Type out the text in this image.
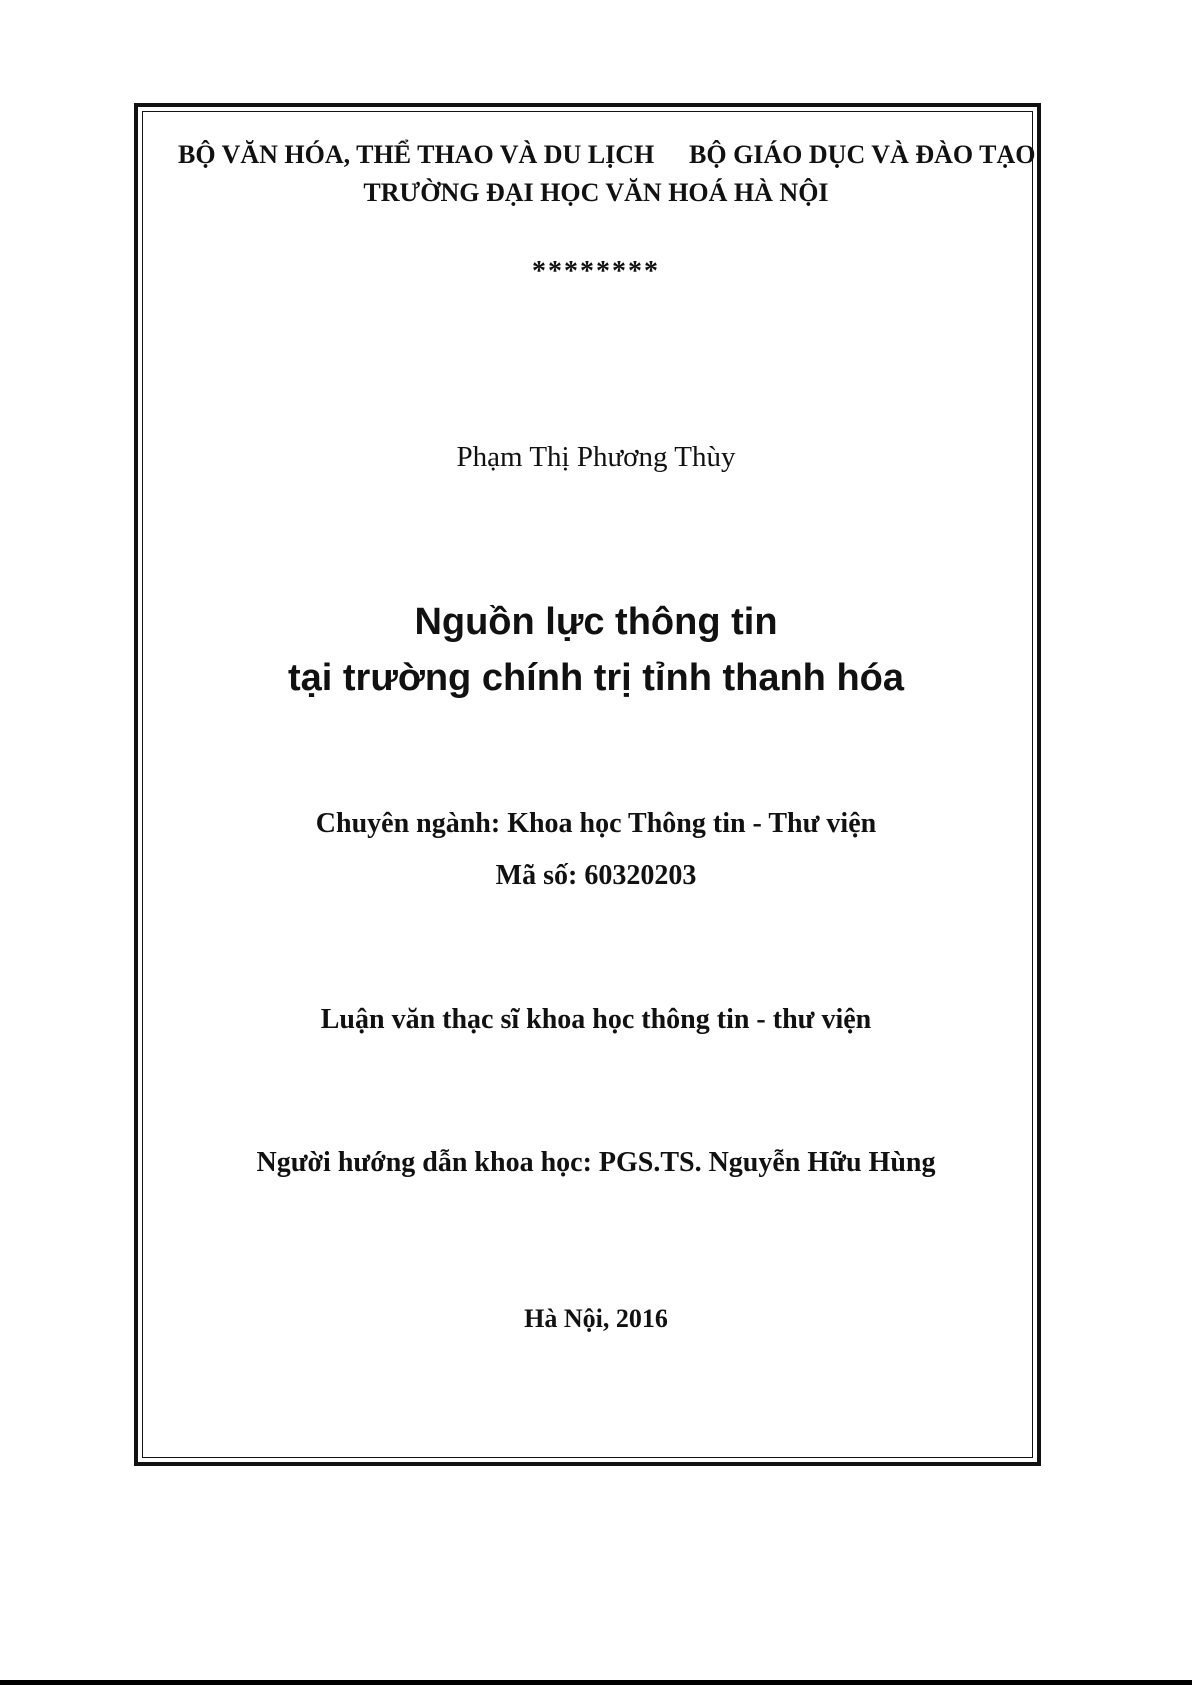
BỘ VĂN HÓA, THỂ THAO VÀ DU LỊCH BỘ GIÁO DỤC VÀ ĐÀO TẠO
TRƯỜNG ĐẠI HỌC VĂN HOÁ HÀ NỘI
********
Phạm Thị Phương Thùy
Nguồn lực thông tin
tại trường chính trị tỉnh thanh hóa
Chuyên ngành: Khoa học Thông tin - Thư viện
Mã số: 60320203
Luận văn thạc sĩ khoa học thông tin - thư viện
Người hướng dẫn khoa học: PGS.TS. Nguyễn Hữu Hùng
Hà Nội, 2016
